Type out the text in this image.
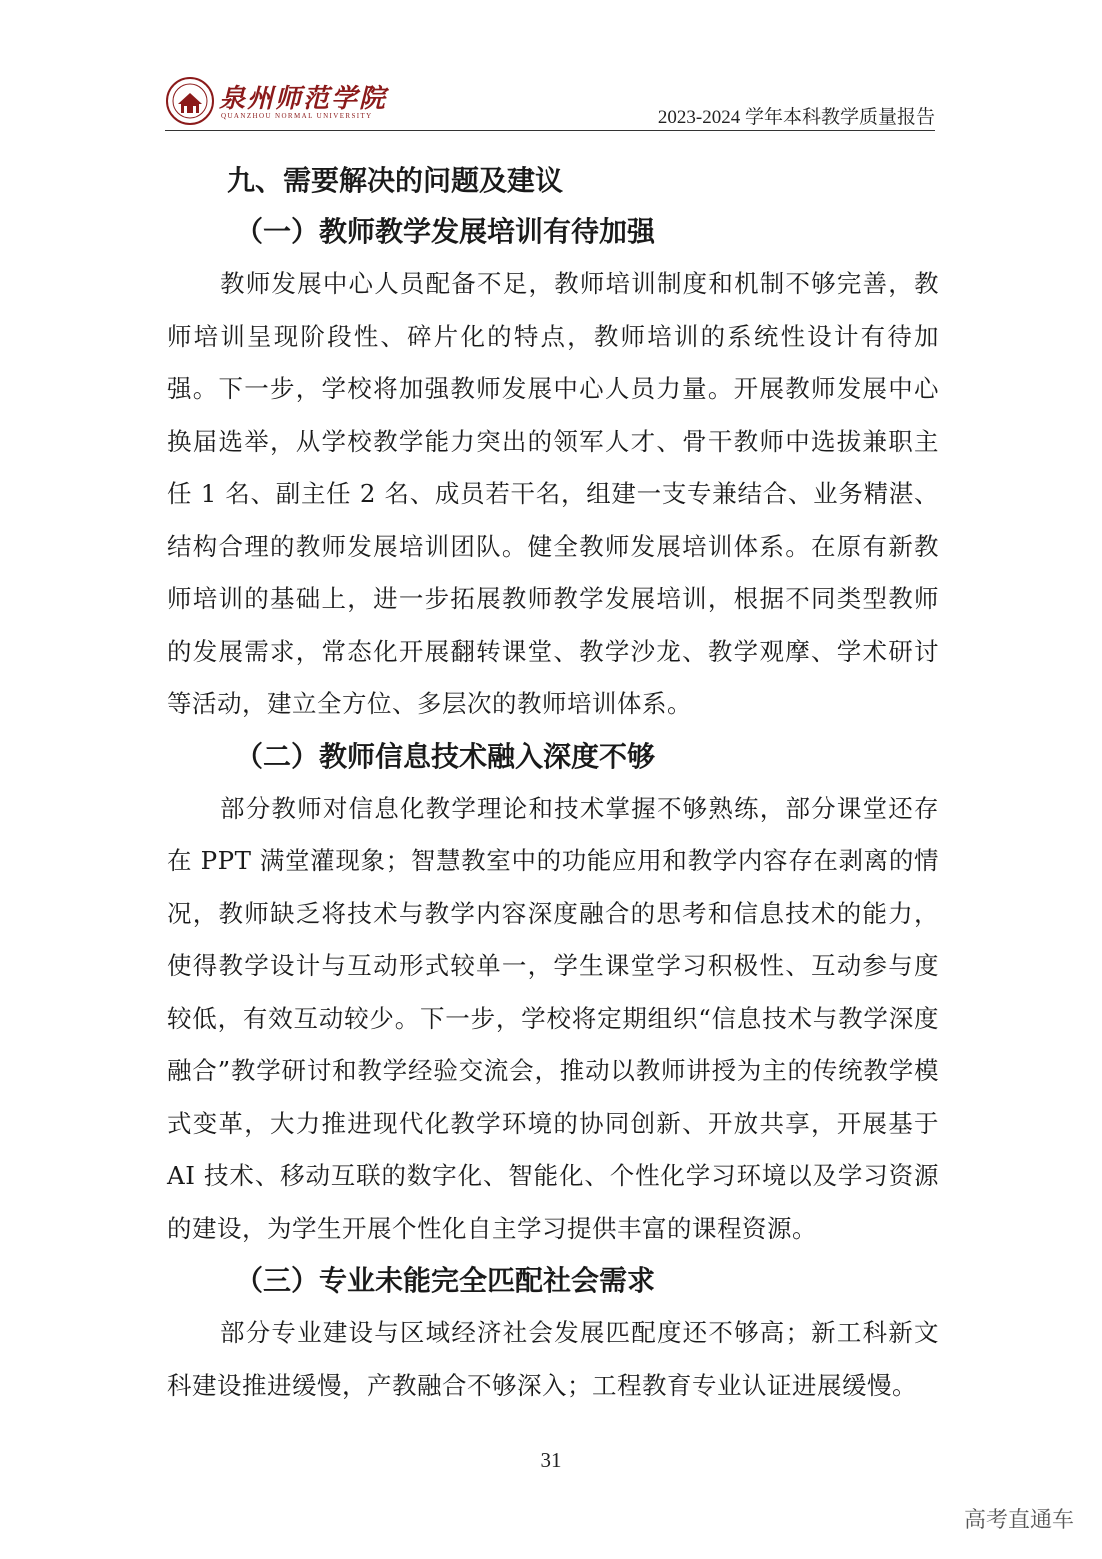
泉州师范学院
QUANZHOU NORMAL UNIVERSITY	2023-2024 学年本科教学质量报告
九、需要解决的问题及建议
（一）教师教学发展培训有待加强

教师发展中心人员配备不足，教师培训制度和机制不够完善，教师培训呈现阶段性、碎片化的特点，教师培训的系统性设计有待加强。下一步，学校将加强教师发展中心人员力量。开展教师发展中心换届选举，从学校教学能力突出的领军人才、骨干教师中选拔兼职主任 1 名、副主任 2 名、成员若干名，组建一支专兼结合、业务精湛、结构合理的教师发展培训团队。健全教师发展培训体系。在原有新教师培训的基础上，进一步拓展教师教学发展培训，根据不同类型教师的发展需求，常态化开展翻转课堂、教学沙龙、教学观摩、学术研讨等活动，建立全方位、多层次的教师培训体系。

（二）教师信息技术融入深度不够

部分教师对信息化教学理论和技术掌握不够熟练，部分课堂还存在 PPT 满堂灌现象；智慧教室中的功能应用和教学内容存在剥离的情况，教师缺乏将技术与教学内容深度融合的思考和信息技术的能力，使得教学设计与互动形式较单一，学生课堂学习积极性、互动参与度较低，有效互动较少。下一步，学校将定期组织“信息技术与教学深度融合”教学研讨和教学经验交流会，推动以教师讲授为主的传统教学模式变革，大力推进现代化教学环境的协同创新、开放共享，开展基于 AI 技术、移动互联的数字化、智能化、个性化学习环境以及学习资源的建设，为学生开展个性化自主学习提供丰富的课程资源。

（三）专业未能完全匹配社会需求

部分专业建设与区域经济社会发展匹配度还不够高；新工科新文科建设推进缓慢，产教融合不够深入；工程教育专业认证进展缓慢。

31
高考直通车
